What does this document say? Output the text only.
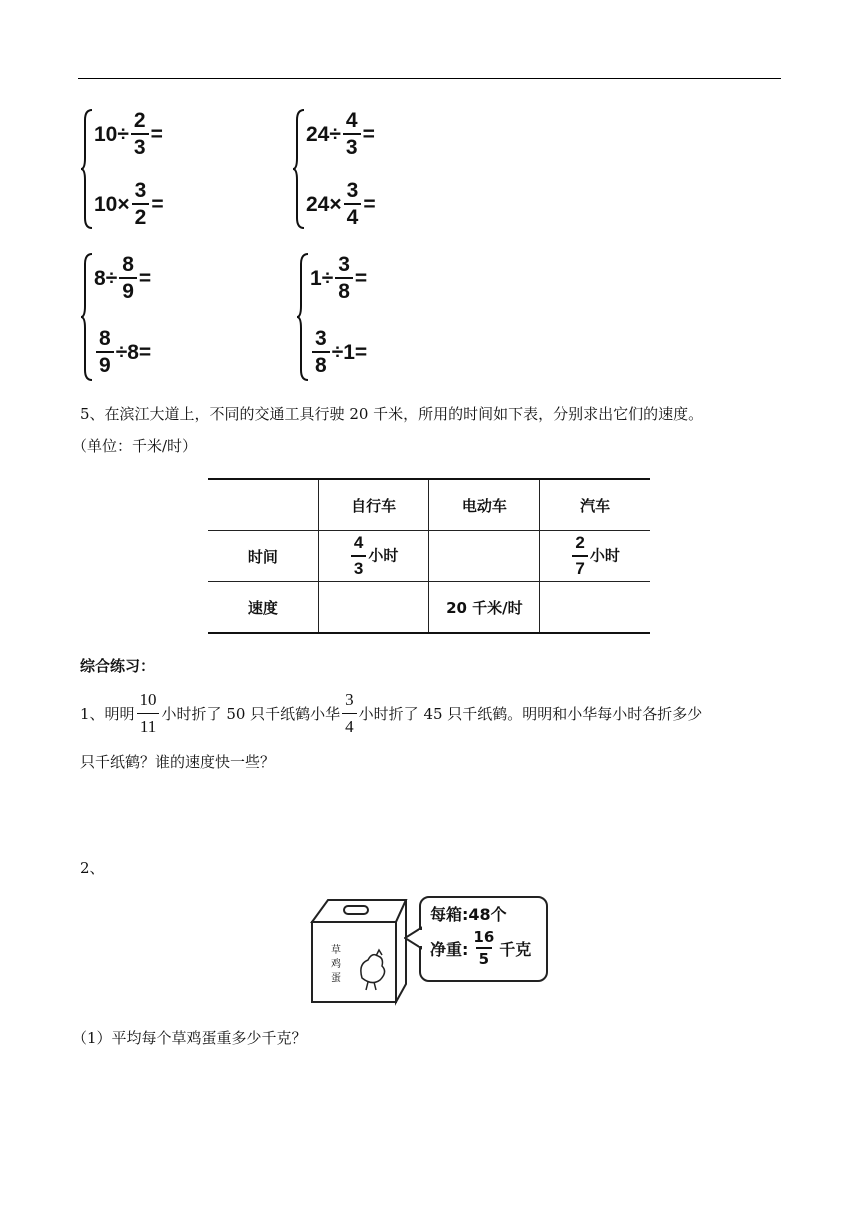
$10 \div \frac{2}{3}$ =
$10 \times \frac{3}{2}$ =
$24 \div \frac{4}{3}$ =
$24 \times \frac{3}{4}$ =
$8 \div \frac{8}{9}$ =
$\frac{8}{9} \div 8$ =
$1 \div \frac{3}{8}$ =
$\frac{3}{8} \div 1$ =
5、在滨江大道上，不同的交通工具行驶 20 千米，所用的时间如下表，分别求出它们的速度。
（单位：千米/时）
	自行车	电动车	汽车
时间	$\frac{4}{3}$ 小时		$\frac{2}{7}$ 小时
速度		20 千米/时	
综合练习：
1、明明 $\frac{10}{11}$ 小时折了 50 只千纸鹤小华 $\frac{3}{4}$ 小时折了 45 只千纸鹤。明明和小华每小时各折多少
只千纸鹤？谁的速度快一些？
2、
草
鸡
蛋
每箱:48个
净重: $\frac{16}{5}$ 千克
（1）平均每个草鸡蛋重多少千克？
